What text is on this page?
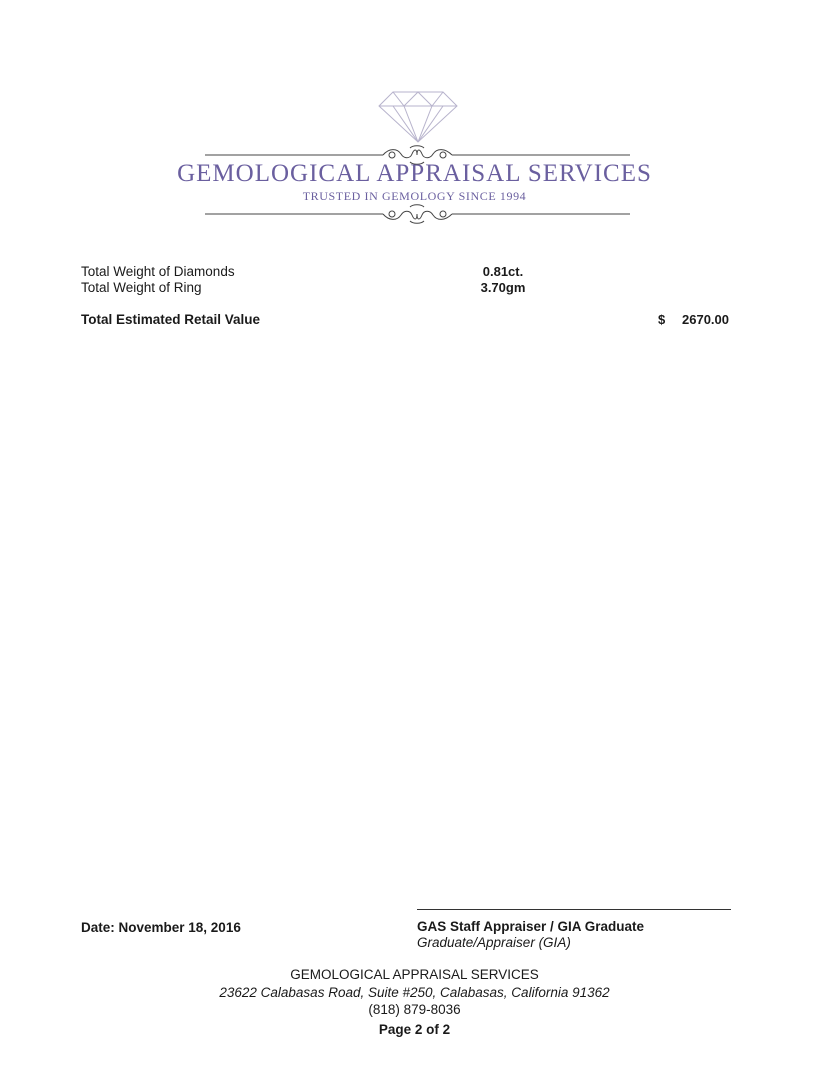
GEMOLOGICAL APPRAISAL SERVICES
TRUSTED IN GEMOLOGY SINCE 1994
Total Weight of Diamonds	0.81ct.
Total Weight of Ring	3.70gm
Total Estimated Retail Value	$ 2670.00
Date: November 18, 2016	GAS Staff Appraiser / GIA Graduate
Graduate/Appraiser (GIA)
GEMOLOGICAL APPRAISAL SERVICES
23622 Calabasas Road, Suite #250, Calabasas, California 91362
(818) 879-8036
Page 2 of 2
